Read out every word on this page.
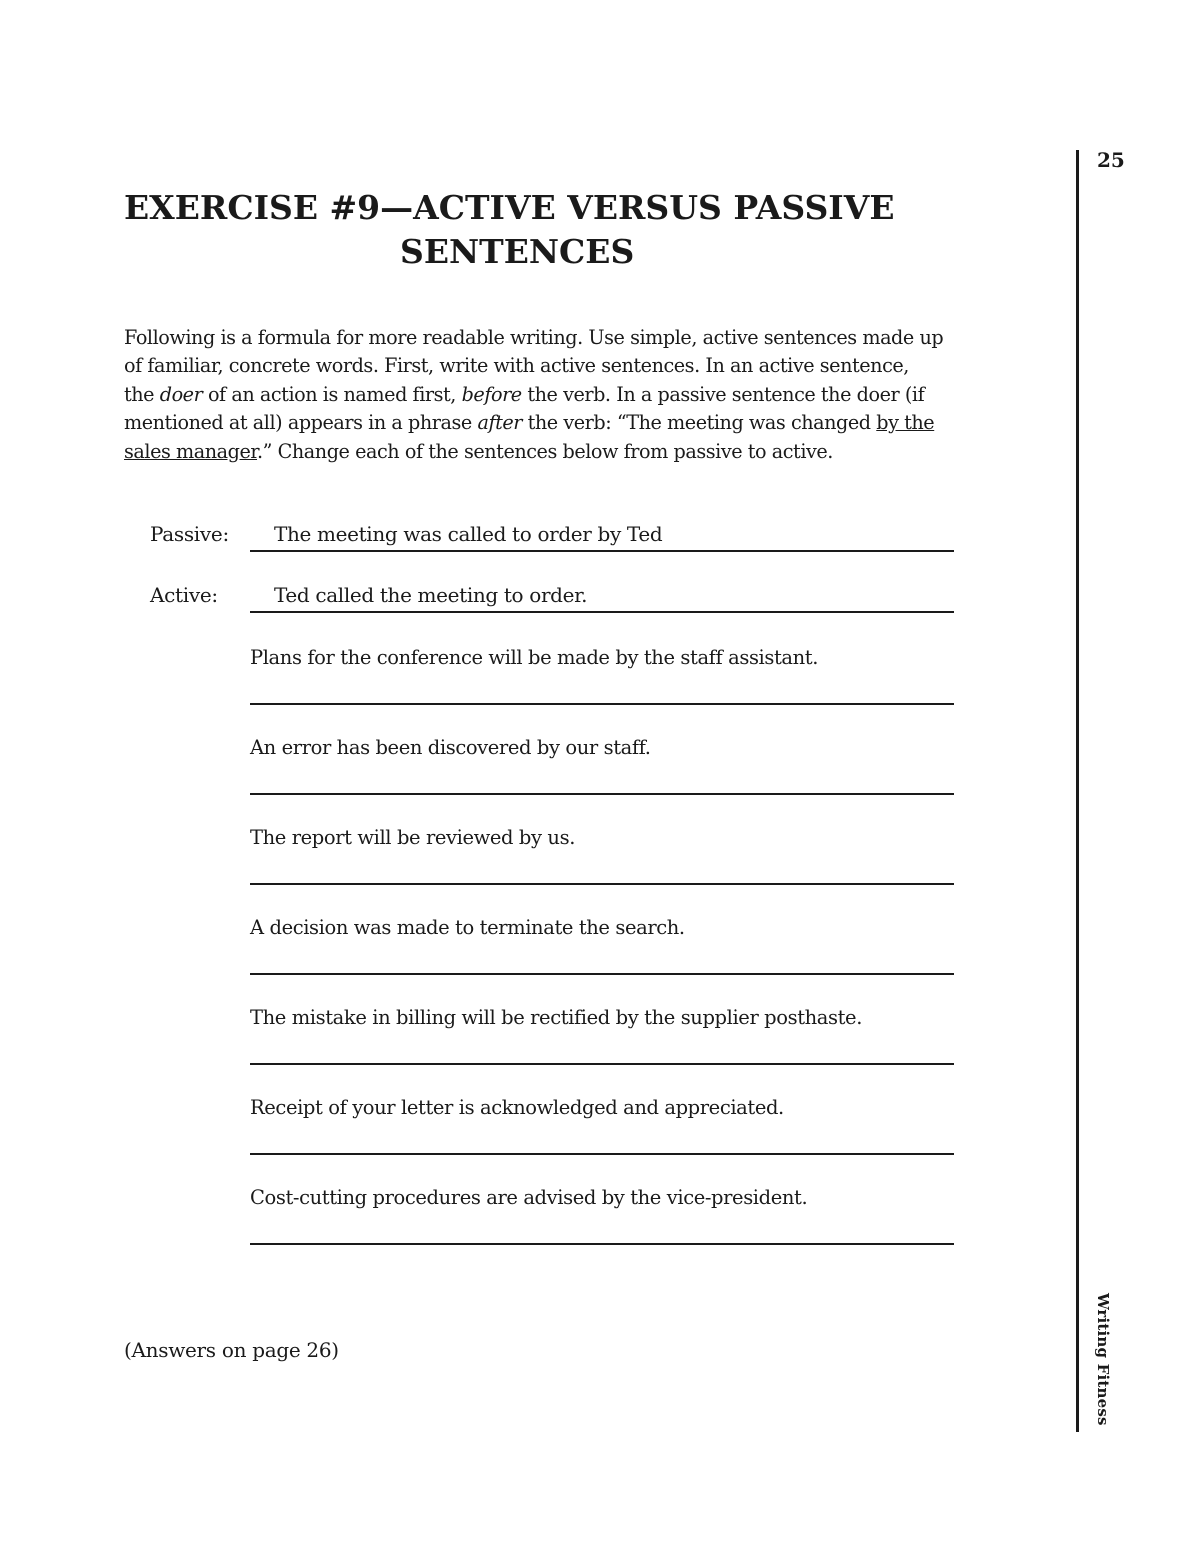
25
Writing Fitness
EXERCISE #9—ACTIVE VERSUS PASSIVE
SENTENCES

Following is a formula for more readable writing. Use simple, active sentences made up of familiar, concrete words. First, write with active sentences. In an active sentence, the doer of an action is named first, before the verb. In a passive sentence the doer (if mentioned at all) appears in a phrase after the verb: “The meeting was changed by the sales manager.” Change each of the sentences below from passive to active.

Passive: The meeting was called to order by Ted
Active:	Ted called the meeting to order.
Plans for the conference will be made by the staff assistant.
An error has been discovered by our staff.
The report will be reviewed by us.
A decision was made to terminate the search.
The mistake in billing will be rectified by the supplier posthaste.
Receipt of your letter is acknowledged and appreciated.
Cost-cutting procedures are advised by the vice-president.
(Answers on page 26)
